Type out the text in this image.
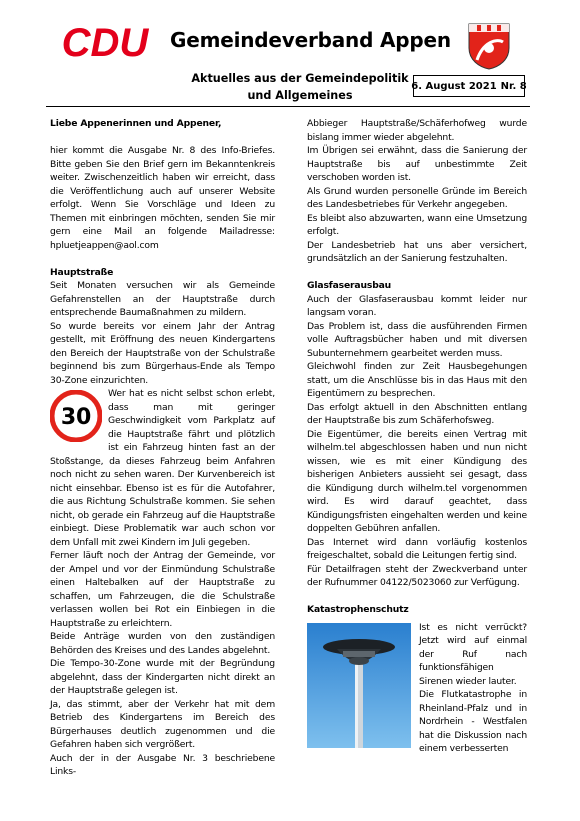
CDU Gemeindeverband Appen
Aktuelles aus der Gemeindepolitik
und Allgemeines
6. August 2021 Nr. 8

Liebe Appenerinnen und Appener,

hier kommt die Ausgabe Nr. 8 des Info-Briefes. Bitte geben Sie den Brief gern im Bekanntenkreis weiter. Zwischenzeitlich haben wir erreicht, dass die Veröffentlichung auch auf unserer Website erfolgt. Wenn Sie Vorschläge und Ideen zu Themen mit einbringen möchten, senden Sie mir gern eine Mail an folgende Mailadresse: hpluetjeappen@aol.com

Hauptstraße

Seit Monaten versuchen wir als Gemeinde Gefahrenstellen an der Hauptstraße durch entsprechende Baumaßnahmen zu mildern.

So wurde bereits vor einem Jahr der Antrag gestellt, mit Eröffnung des neuen Kindergartens den Bereich der Hauptstraße von der Schulstraße beginnend bis zum Bürgerhaus-Ende als Tempo 30-Zone einzurichten.

30

Wer hat es nicht selbst schon erlebt, dass man mit geringer Geschwindigkeit vom Parkplatz auf die Hauptstraße fährt und plötzlich ist ein Fahrzeug hinten fast an der Stoßstange, da dieses Fahrzeug beim Anfahren noch nicht zu sehen waren. Der Kurvenbereich ist nicht einsehbar. Ebenso ist es für die Autofahrer, die aus Richtung Schulstraße kommen. Sie sehen nicht, ob gerade ein Fahrzeug auf die Hauptstraße einbiegt. Diese Problematik war auch schon vor dem Unfall mit zwei Kindern im Juli gegeben.

Ferner läuft noch der Antrag der Gemeinde, vor der Ampel und vor der Einmündung Schulstraße einen Haltebalken auf der Hauptstraße zu schaffen, um Fahrzeugen, die die Schulstraße verlassen wollen bei Rot ein Einbiegen in die Hauptstraße zu erleichtern.

Beide Anträge wurden von den zuständigen Behörden des Kreises und des Landes abgelehnt.

Die Tempo-30-Zone wurde mit der Begründung abgelehnt, dass der Kindergarten nicht direkt an der Hauptstraße gelegen ist.

Ja, das stimmt, aber der Verkehr hat mit dem Betrieb des Kindergartens im Bereich des Bürgerhauses deutlich zugenommen und die Gefahren haben sich vergrößert.

Auch der in der Ausgabe Nr. 3 beschriebene Links-

Abbieger Hauptstraße/Schäferhofweg wurde bislang immer wieder abgelehnt.

Im Übrigen sei erwähnt, dass die Sanierung der Hauptstraße bis auf unbestimmte Zeit verschoben worden ist.

Als Grund wurden personelle Gründe im Bereich des Landesbetriebes für Verkehr angegeben.

Es bleibt also abzuwarten, wann eine Umsetzung erfolgt.

Der Landesbetrieb hat uns aber versichert, grundsätzlich an der Sanierung festzuhalten.

Glasfaserausbau

Auch der Glasfaserausbau kommt leider nur langsam voran.

Das Problem ist, dass die ausführenden Firmen volle Auftragsbücher haben und mit diversen Subunternehmern gearbeitet werden muss.

Gleichwohl finden zur Zeit Hausbegehungen statt, um die Anschlüsse bis in das Haus mit den Eigentümern zu besprechen.

Das erfolgt aktuell in den Abschnitten entlang der Hauptstraße bis zum Schäferhofsweg.

Die Eigentümer, die bereits einen Vertrag mit wilhelm.tel abgeschlossen haben und nun nicht wissen, wie es mit einer Kündigung des bisherigen Anbieters aussieht sei gesagt, dass die Kündigung durch wilhelm.tel vorgenommen wird. Es wird darauf geachtet, dass Kündigungsfristen eingehalten werden und keine doppelten Gebühren anfallen.

Das Internet wird dann vorläufig kostenlos freigeschaltet, sobald die Leitungen fertig sind.

Für Detailfragen steht der Zweckverband unter der Rufnummer 04122/5023060 zur Verfügung.

Katastrophenschutz

Ist es nicht verrückt? Jetzt wird auf einmal der Ruf nach funktionsfähigen Sirenen wieder lauter.

Die Flutkatastrophe in Rheinland-Pfalz und in Nordrhein - Westfalen hat die Diskussion nach einem verbesserten
